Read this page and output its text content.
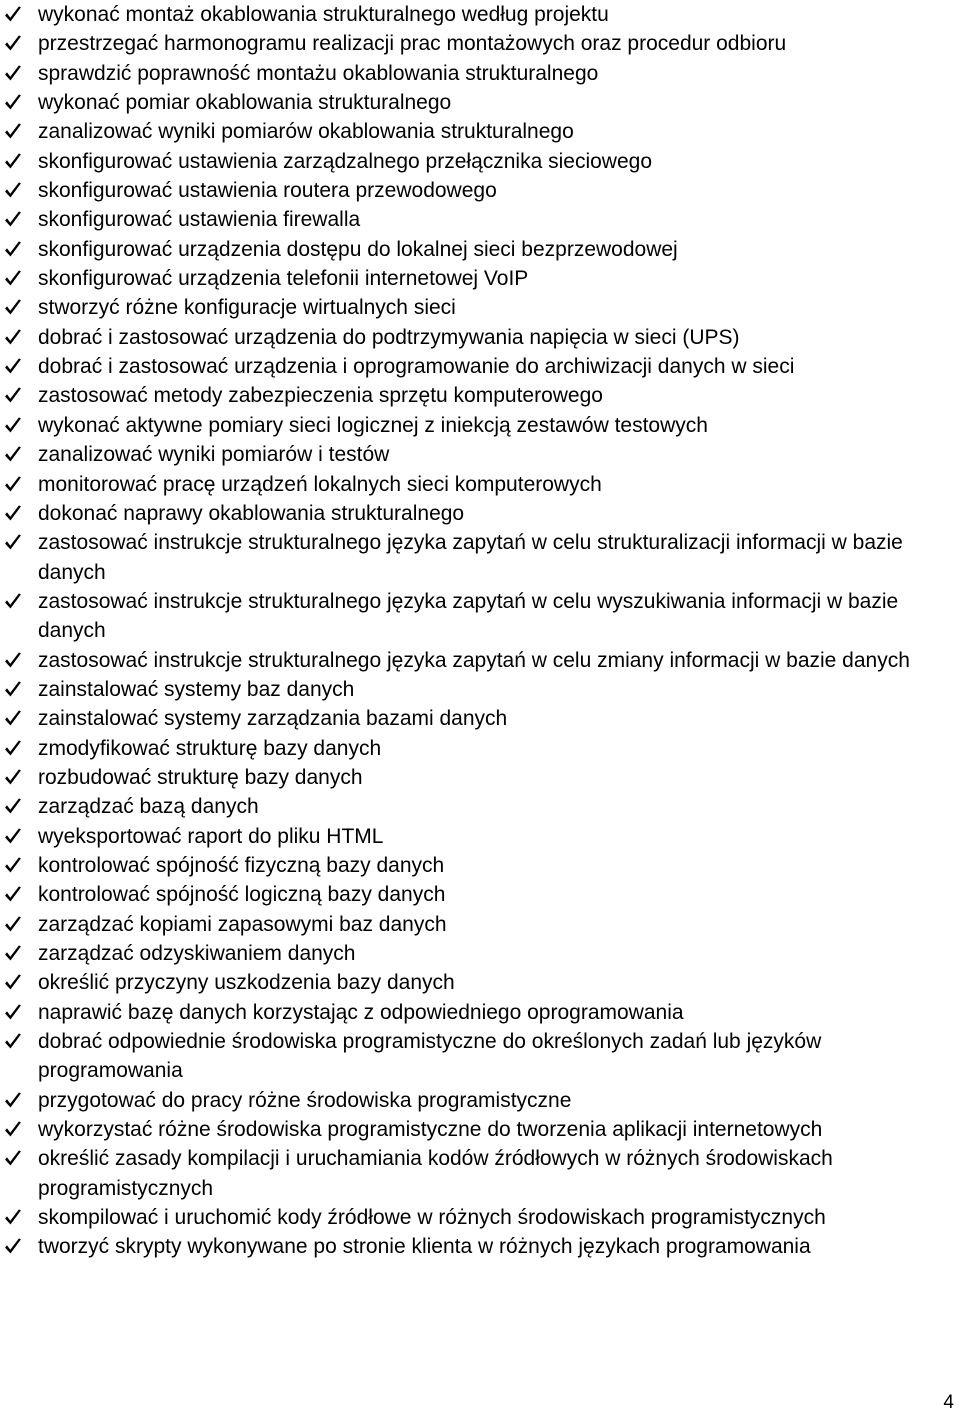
wykonać montaż okablowania strukturalnego według projektu
przestrzegać harmonogramu realizacji prac montażowych oraz procedur odbioru
sprawdzić poprawność montażu okablowania strukturalnego
wykonać pomiar okablowania strukturalnego
zanalizować wyniki pomiarów okablowania strukturalnego
skonfigurować ustawienia zarządzalnego przełącznika sieciowego
skonfigurować ustawienia routera przewodowego
skonfigurować ustawienia firewalla
skonfigurować urządzenia dostępu do lokalnej sieci bezprzewodowej
skonfigurować urządzenia telefonii internetowej VoIP
stworzyć różne konfiguracje wirtualnych sieci
dobrać i zastosować urządzenia do podtrzymywania napięcia w sieci (UPS)
dobrać i zastosować urządzenia i oprogramowanie do archiwizacji danych w sieci
zastosować metody zabezpieczenia sprzętu komputerowego
wykonać aktywne pomiary sieci logicznej z iniekcją zestawów testowych
zanalizować wyniki pomiarów i testów
monitorować pracę urządzeń lokalnych sieci komputerowych
dokonać naprawy okablowania strukturalnego
zastosować instrukcje strukturalnego języka zapytań w celu strukturalizacji informacji w bazie danych
zastosować instrukcje strukturalnego języka zapytań w celu wyszukiwania informacji w bazie danych
zastosować instrukcje strukturalnego języka zapytań w celu zmiany informacji w bazie danych
zainstalować systemy baz danych
zainstalować systemy zarządzania bazami danych
zmodyfikować strukturę bazy danych
rozbudować strukturę bazy danych
zarządzać bazą danych
wyeksportować raport do pliku HTML
kontrolować spójność fizyczną bazy danych
kontrolować spójność logiczną bazy danych
zarządzać kopiami zapasowymi baz danych
zarządzać odzyskiwaniem danych
określić przyczyny uszkodzenia bazy danych
naprawić bazę danych korzystając z odpowiedniego oprogramowania
dobrać odpowiednie środowiska programistyczne do określonych zadań lub języków programowania
przygotować do pracy różne środowiska programistyczne
wykorzystać różne środowiska programistyczne do tworzenia aplikacji internetowych
określić zasady kompilacji i uruchamiania kodów źródłowych w różnych środowiskach programistycznych
skompilować i uruchomić kody źródłowe w różnych środowiskach programistycznych
tworzyć skrypty wykonywane po stronie klienta w różnych językach programowania
4
